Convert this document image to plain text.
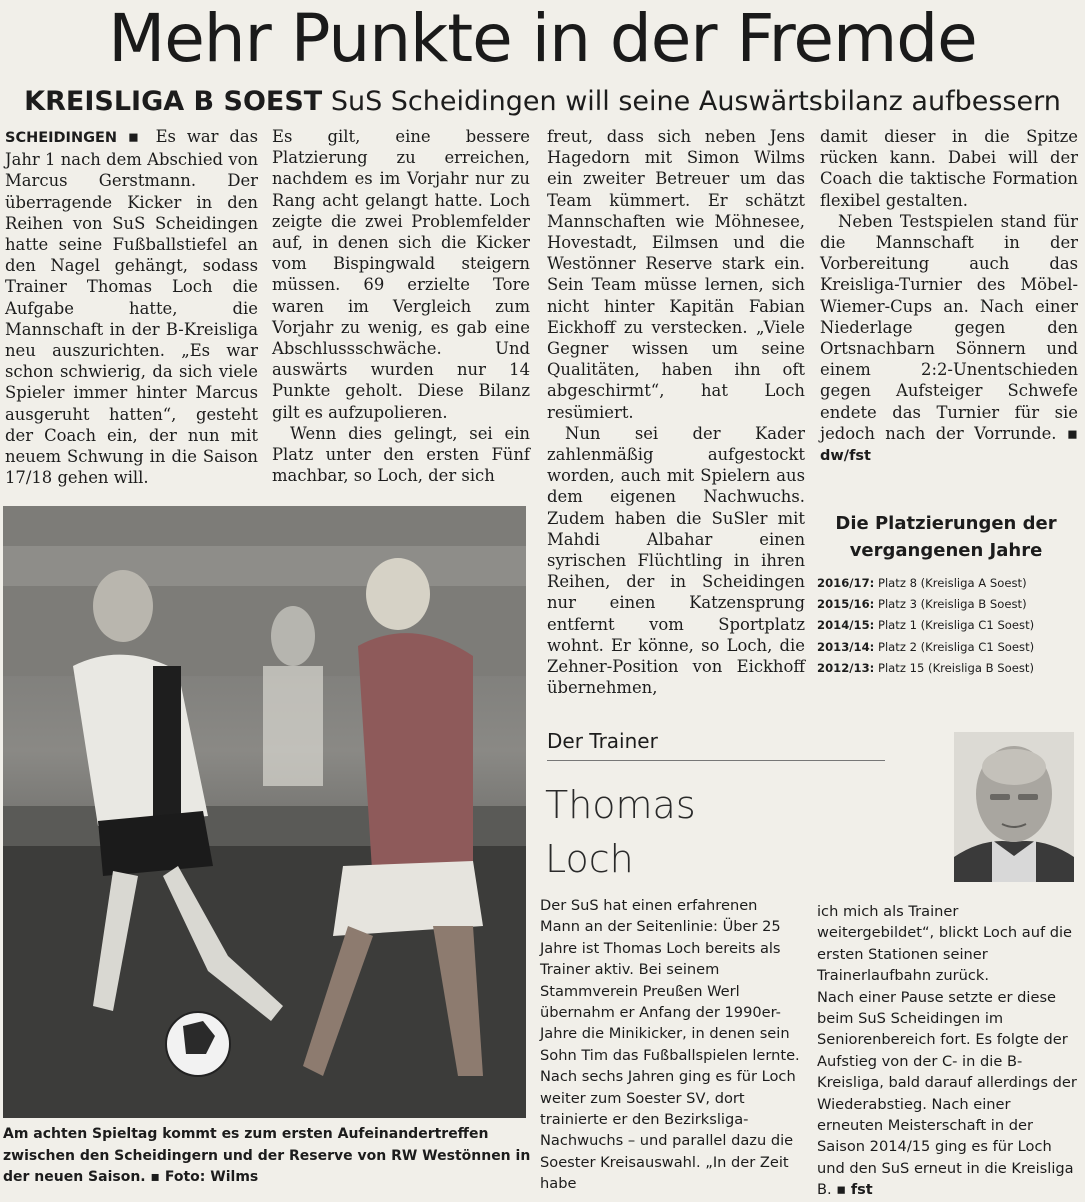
Mehr Punkte in der Fremde
KREISLIGA B SOEST SuS Scheidingen will seine Auswärtsbilanz aufbessern

SCHEIDINGEN ▪ Es war das Jahr 1 nach dem Abschied von Marcus Gerstmann. Der überragende Kicker in den Reihen von SuS Scheidingen hatte seine Fußballstiefel an den Nagel gehängt, sodass Trainer Thomas Loch die Aufgabe hatte, die Mannschaft in der B-Kreisliga neu auszurichten. „Es war schon schwierig, da sich viele Spieler immer hinter Marcus ausgeruht hatten“, gesteht der Coach ein, der nun mit neuem Schwung in die Saison 17/18 gehen will.

Es gilt, eine bessere Platzierung zu erreichen, nachdem es im Vorjahr nur zu Rang acht gelangt hatte. Loch zeigte die zwei Problemfelder auf, in denen sich die Kicker vom Bispingwald steigern müssen. 69 erzielte Tore waren im Vergleich zum Vorjahr zu wenig, es gab eine Abschlussschwäche. Und auswärts wurden nur 14 Punkte geholt. Diese Bilanz gilt es aufzupolieren.

Wenn dies gelingt, sei ein Platz unter den ersten Fünf machbar, so Loch, der sich

freut, dass sich neben Jens Hagedorn mit Simon Wilms ein zweiter Betreuer um das Team kümmert. Er schätzt Mannschaften wie Möhnesee, Hovestadt, Eilmsen und die Westönner Reserve stark ein. Sein Team müsse lernen, sich nicht hinter Kapitän Fabian Eickhoff zu verstecken. „Viele Gegner wissen um seine Qualitäten, haben ihn oft abgeschirmt“, hat Loch resümiert.

Nun sei der Kader zahlenmäßig aufgestockt worden, auch mit Spielern aus dem eigenen Nachwuchs. Zudem haben die SuSler mit Mahdi Albahar einen syrischen Flüchtling in ihren Reihen, der in Scheidingen nur einen Katzensprung entfernt vom Sportplatz wohnt. Er könne, so Loch, die Zehner-Position von Eickhoff übernehmen,

damit dieser in die Spitze rücken kann. Dabei will der Coach die taktische Formation flexibel gestalten.

Neben Testspielen stand für die Mannschaft in der Vorbereitung auch das Kreisliga-Turnier des Möbel-Wiemer-Cups an. Nach einer Niederlage gegen den Ortsnachbarn Sönnern und einem 2:2-Unentschieden gegen Aufsteiger Schwefe endete das Turnier für sie jedoch nach der Vorrunde. ▪ dw/fst

Am achten Spieltag kommt es zum ersten Aufeinandertreffen zwischen den Scheidingern und der Reserve von RW Westönnen in der neuen Saison. ▪ Foto: Wilms
Die Platzierungen der vergangenen Jahre
2016/17: Platz 8 (Kreisliga A Soest)
2015/16: Platz 3 (Kreisliga B Soest)
2014/15: Platz 1 (Kreisliga C1 Soest)
2013/14: Platz 2 (Kreisliga C1 Soest)
2012/13: Platz 15 (Kreisliga B Soest)
Der Trainer
Thomas
Loch

Der SuS hat einen erfahrenen Mann an der Seitenlinie: Über 25 Jahre ist Thomas Loch bereits als Trainer aktiv. Bei seinem Stammverein Preußen Werl übernahm er Anfang der 1990er-Jahre die Minikicker, in denen sein Sohn Tim das Fußballspielen lernte. Nach sechs Jahren ging es für Loch weiter zum Soester SV, dort trainierte er den Bezirksliga-Nachwuchs – und parallel dazu die Soester Kreisauswahl. „In der Zeit habe

ich mich als Trainer weitergebildet“, blickt Loch auf die ersten Stationen seiner Trainerlaufbahn zurück.

Nach einer Pause setzte er diese beim SuS Scheidingen im Seniorenbereich fort. Es folgte der Aufstieg von der C- in die B-Kreisliga, bald darauf allerdings der Wiederabstieg. Nach einer erneuten Meisterschaft in der Saison 2014/15 ging es für Loch und den SuS erneut in die Kreisliga B. ▪ fst
